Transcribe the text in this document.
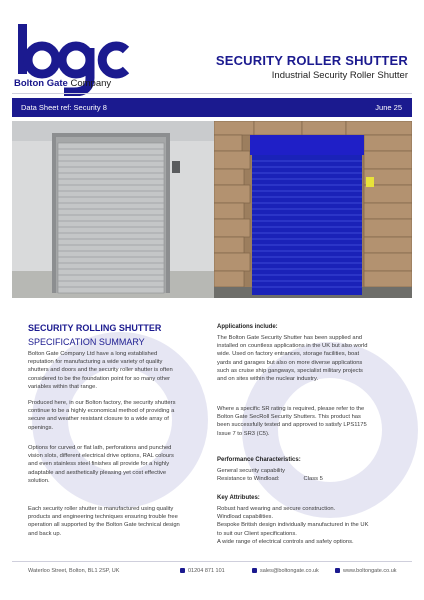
Bolton Gate Company
SECURITY ROLLER SHUTTER
Industrial Security Roller Shutter
Data Sheet ref: Security 8	June 25
SECURITY ROLLING SHUTTER
SPECIFICATION SUMMARY
Bolton Gate Company Ltd have a long established
reputation for manufacturing a wide variety of quality
shutters and doors and the security roller shutter is often
considered to be the foundation point for so many other
variables within that range.
Produced here, in our Bolton factory, the security shutters
continue to be a highly economical method of providing a
secure and weather resistant closure to a wide array of
openings.
Options for curved or flat lath, perforations and punched
vision slots, different electrical drive options, RAL colours
and even stainless steel finishes all provide for a highly
adaptable and aesthetically pleasing yet cost effective
solution.
Each security roller shutter is manufactured using quality
products and engineering techniques ensuring trouble free
operation all supported by the Bolton Gate technical design
and back up.
Applications include:
The Bolton Gate Security Shutter has been supplied and
installed on countless applications in the UK but also world
wide. Used on factory entrances, storage facilities, boat
yards and garages but also on more diverse applications
such as cruise ship gangways, specialist military projects
and on sites within the nuclear industry.
Where a specific SR rating is required, please refer to the
Bolton Gate SecRoll Security Shutters. This product has
been successfully tested and approved to satisfy LPS1175
Issue 7 to SR3 (C5).
Performance Characteristics:
General security capability
Resistance to Windload:	Class 5
Key Attributes:
Robust hard wearing and secure construction.
Windload capabilities.
Bespoke British design individually manufactured in the UK
to suit our Client specifications.
A wide range of electrical controls and safety options.
Waterloo Street, Bolton, BL1 2SP, UK	01204 871 101	sales@boltongate.co.uk	www.boltongate.co.uk
